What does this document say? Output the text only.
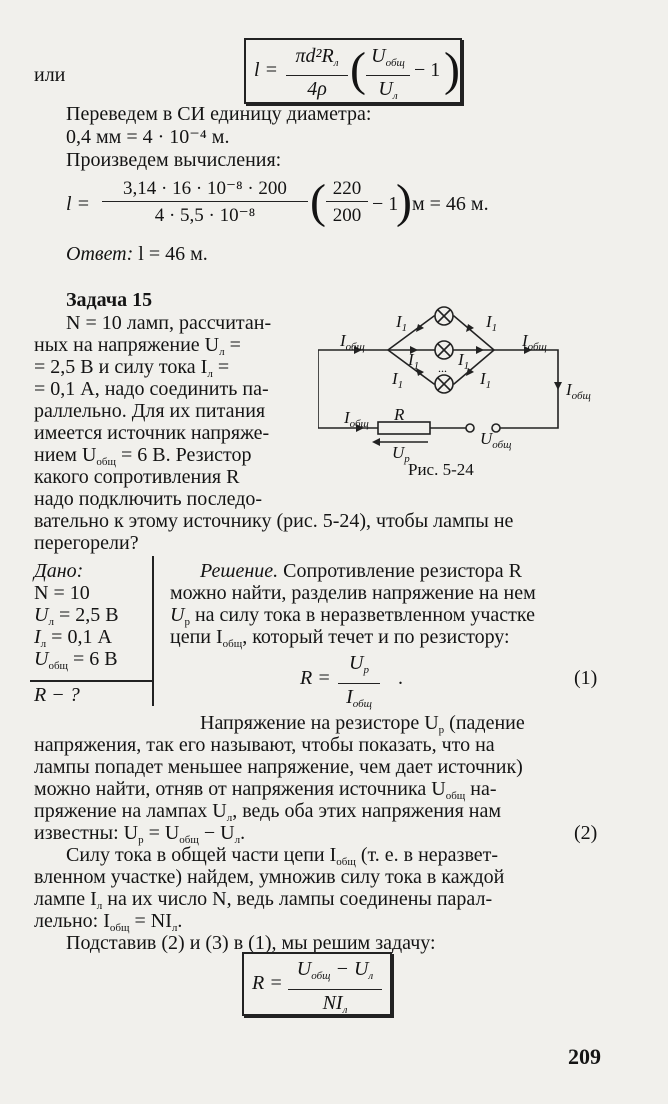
или	l =
$\pi d^2R_л$
4ρ ( $U_{общ}$
$U_л$
− 1 )
Переведем в СИ единицу диаметра:
0,4 мм = 4 · 10⁻⁴ м.
Произведем вычисления:
$l = \frac{\text{3,14 · 16 · 10⁻⁸ · 200}}{\text{4 · 5,5 · 10⁻⁸}}$ ( $\frac{220}{200} - 1$
) м = 46 м.
Ответ: l = 46 м.
Задача 15
N = 10 ламп, рассчитан-
ных на напряжение $U_л$ =
= 2,5 В и силу тока $I_л$ =
= 0,1 А, надо соединить па-
раллельно. Для их питания
имеется источник напряже-
нием $U_{общ} = 6$ В. Резистор
какого сопротивления R
надо подключить последо-
вательно к этому источнику (рис. 5-24), чтобы лампы не
перегорели?
...
$I_{общ}$
$I_1$	$I_1$
$I_{общ}$
$I_1$ $I_1$
$I_1$	$I_1$	$I_{общ}$
$I_{общ}$ R
$U_р$
$U_{общ}$
Рис. 5-24
Дано:
N = 10
$U_л = 2,5$ В
$I_л = 0,1$ А
$U_{общ} = 6$ В
R − ?
Решение. Сопротивление резистора R
можно найти, разделив напряжение на нем
$U_р$ на силу тока в неразветвленном участке
цепи $I_{общ}$, который течет и по резистору:
R =
$U_р$
$I_{общ}$
.	(1)
Напряжение на резисторе $U_р$ (падение
напряжения, так его называют, чтобы показать, что на
лампы попадет меньшее напряжение, чем дает источник)
можно найти, отняв от напряжения источника $U_{общ}$ на-
пряжение на лампах $U_л$, ведь оба этих напряжения нам
известны: $U_р = U_{общ} - U_л$.	(2)
Силу тока в общей части цепи $I_{общ}$ (т. е. в неразвет-
вленном участке) найдем, умножив силу тока в каждой
лампе $I_л$ на их число N, ведь лампы соединены парал-
лельно: $I_{общ} = NI_л$.
Подставив (2) и (3) в (1), мы решим задачу:
R =
$U_{общ} - U_л$
$NI_л$
209
